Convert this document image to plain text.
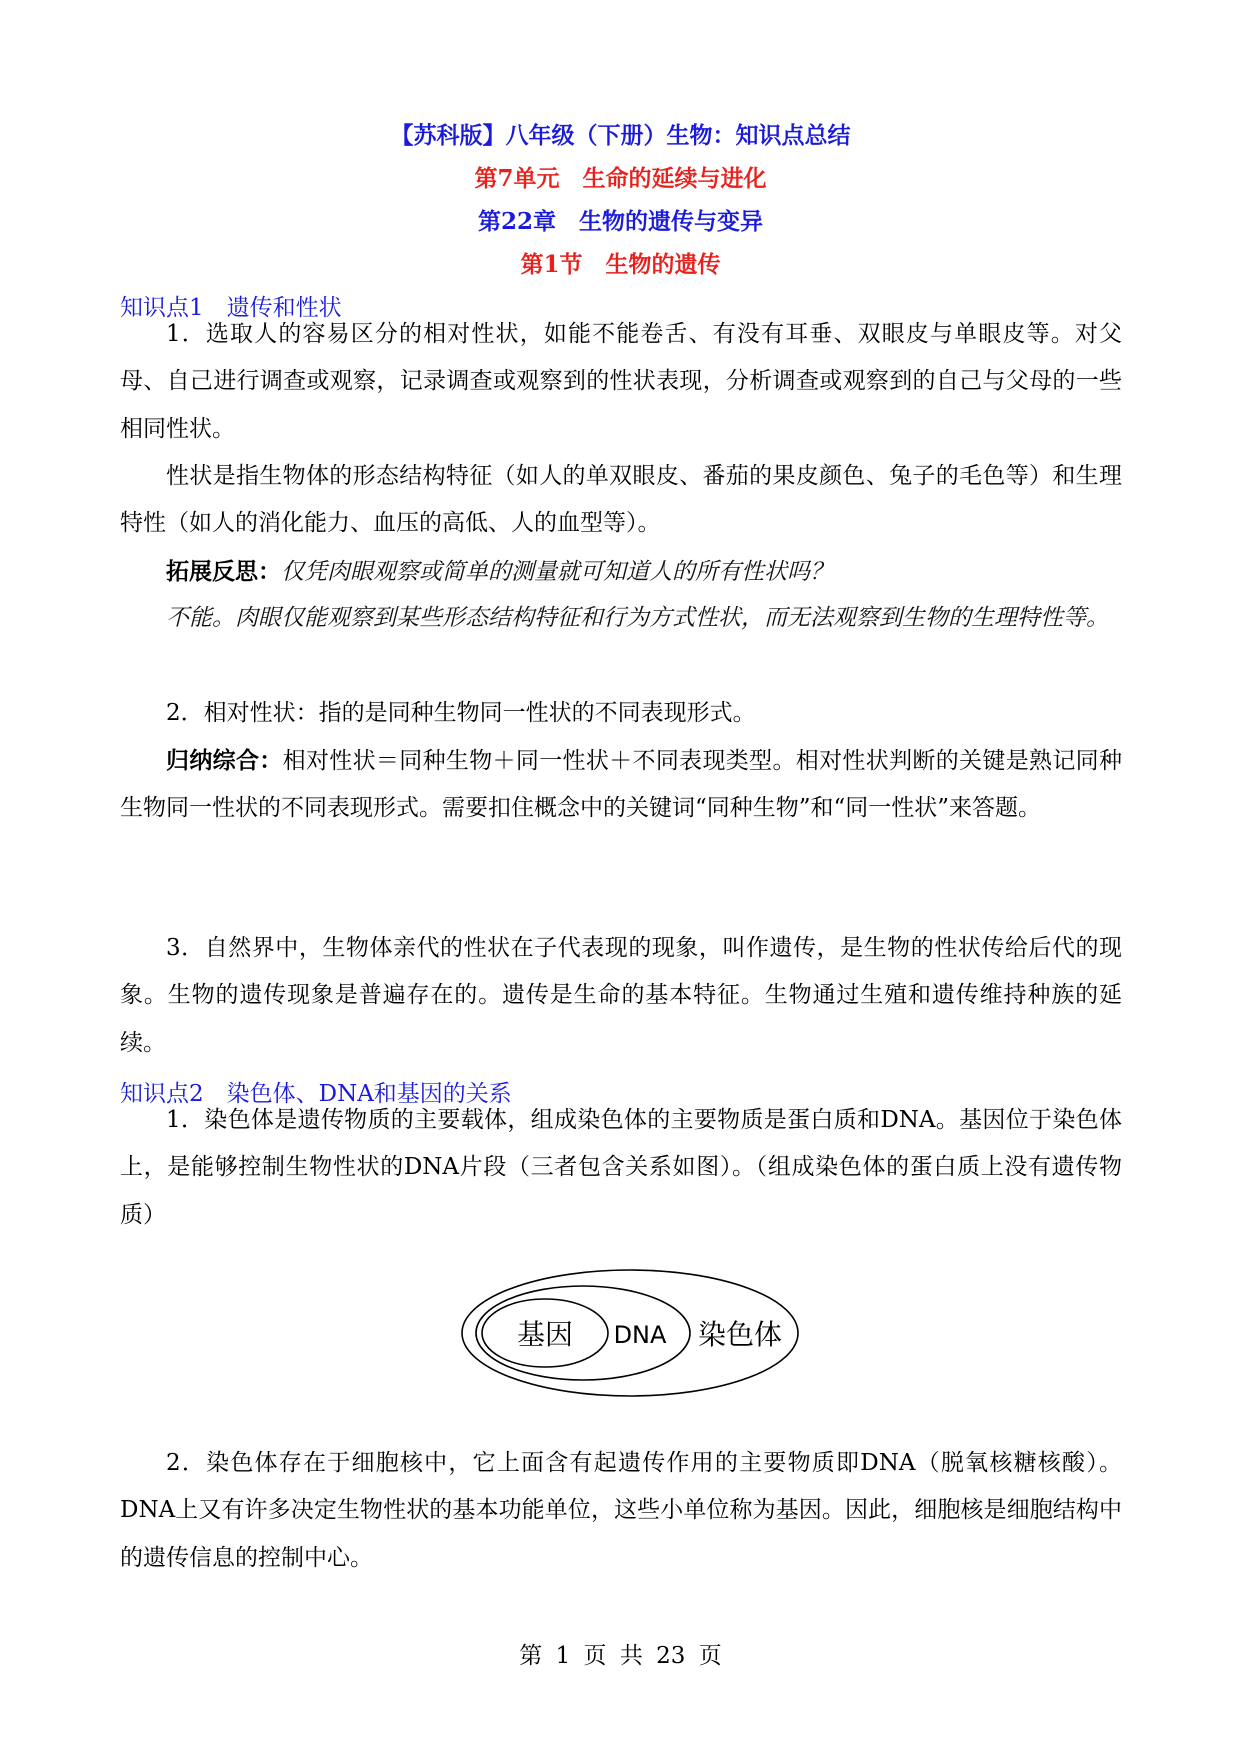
【苏科版】八年级（下册）生物：知识点总结
第7单元　生命的延续与进化
第22章　生物的遗传与变异
第1节　生物的遗传
知识点1　遗传和性状
1．选取人的容易区分的相对性状，如能不能卷舌、有没有耳垂、双眼皮与单眼皮等。对父母、自己进行调查或观察，记录调查或观察到的性状表现，分析调查或观察到的自己与父母的一些相同性状。
性状是指生物体的形态结构特征（如人的单双眼皮、番茄的果皮颜色、兔子的毛色等）和生理特性（如人的消化能力、血压的高低、人的血型等）。
拓展反思：仅凭肉眼观察或简单的测量就可知道人的所有性状吗？
不能。肉眼仅能观察到某些形态结构特征和行为方式性状，而无法观察到生物的生理特性等。
2．相对性状：指的是同种生物同一性状的不同表现形式。
归纳综合：相对性状＝同种生物＋同一性状＋不同表现类型。相对性状判断的关键是熟记同种生物同一性状的不同表现形式。需要扣住概念中的关键词“同种生物”和“同一性状”来答题。
3．自然界中，生物体亲代的性状在子代表现的现象，叫作遗传，是生物的性状传给后代的现象。生物的遗传现象是普遍存在的。遗传是生命的基本特征。生物通过生殖和遗传维持种族的延续。
知识点2　染色体、DNA和基因的关系
1．染色体是遗传物质的主要载体，组成染色体的主要物质是蛋白质和DNA。基因位于染色体上，是能够控制生物性状的DNA片段（三者包含关系如图）。（组成染色体的蛋白质上没有遗传物质）
基因 DNA 染色体
2．染色体存在于细胞核中，它上面含有起遗传作用的主要物质即DNA（脱氧核糖核酸）。DNA上又有许多决定生物性状的基本功能单位，这些小单位称为基因。因此，细胞核是细胞结构中的遗传信息的控制中心。
第 1 页 共 23 页
